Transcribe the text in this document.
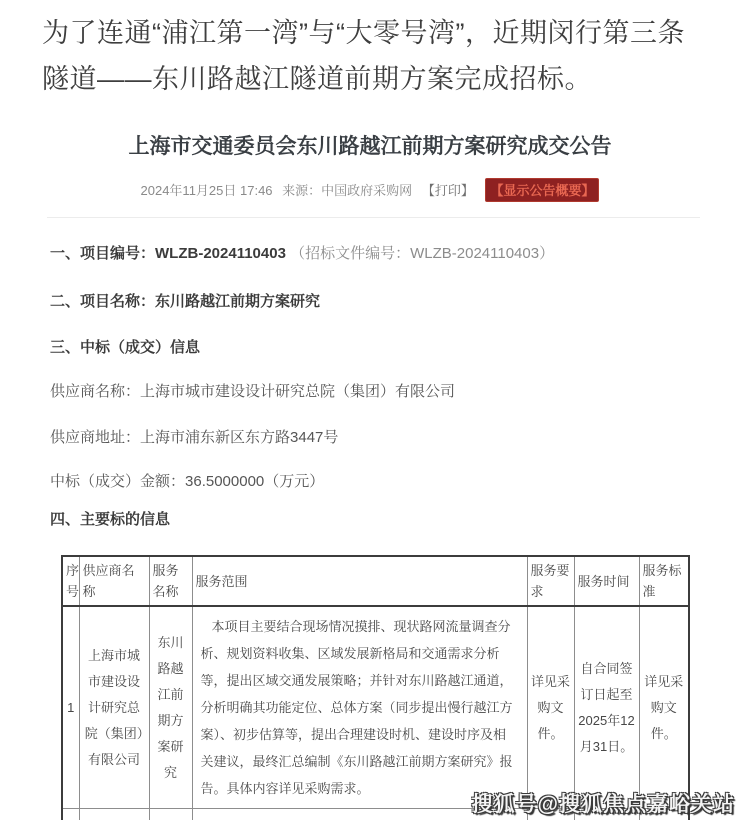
为了连通“浦江第一湾”与“大零号湾”，近期闵行第三条隧道——东川路越江隧道前期方案完成招标。

上海市交通委员会东川路越江前期方案研究成交公告
2024年11月25日 17:46 来源：中国政府采购网 【打印】 【显示公告概要】

一、项目编号：WLZB-2024110403 （招标文件编号：WLZB-2024110403）

二、项目名称：东川路越江前期方案研究

三、中标（成交）信息

供应商名称：上海市城市建设设计研究总院（集团）有限公司

供应商地址：上海市浦东新区东方路3447号

中标（成交）金额：36.5000000（万元）

四、主要标的信息

序号	供应商名称	服务名称	服务范围	服务要求	服务时间	服务标准
1	上海市城市建设设计研究总院（集团）有限公司	东川路越江前期方案研究	本项目主要结合现场情况摸排、现状路网流量调查分析、规划资料收集、区域发展新格局和交通需求分析等，提出区域交通发展策略；并针对东川路越江通道，分析明确其功能定位、总体方案（同步提出慢行越江方案）、初步估算等，提出合理建设时机、建设时序及相关建议，最终汇总编制《东川路越江前期方案研究》报告。具体内容详见采购需求。	详见采购文件。	自合同签订日起至2025年12月31日。	详见采购文件。

搜狐号@搜狐焦点嘉峪关站
